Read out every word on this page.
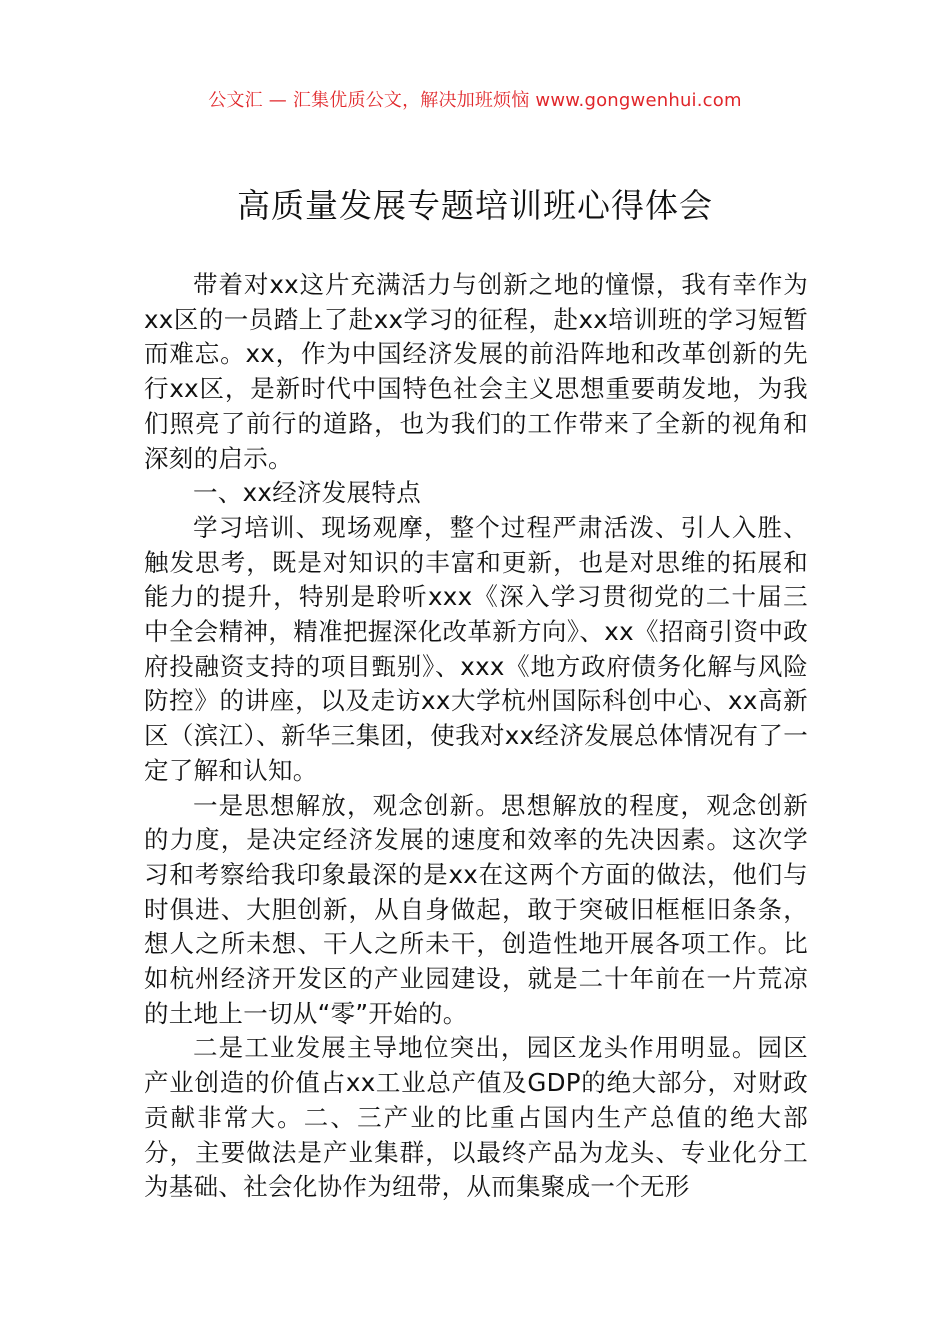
公文汇 — 汇集优质公文，解决加班烦恼 www.gongwenhui.com
高质量发展专题培训班心得体会

带着对xx这片充满活力与创新之地的憧憬，我有幸作为xx区的一员踏上了赴xx学习的征程，赴xx培训班的学习短暂而难忘。xx，作为中国经济发展的前沿阵地和改革创新的先行xx区，是新时代中国特色社会主义思想重要萌发地，为我们照亮了前行的道路，也为我们的工作带来了全新的视角和深刻的启示。

一、xx经济发展特点

学习培训、现场观摩，整个过程严肃活泼、引人入胜、触发思考，既是对知识的丰富和更新，也是对思维的拓展和能力的提升，特别是聆听xxx《深入学习贯彻党的二十届三中全会精神，精准把握深化改革新方向》、xx《招商引资中政府投融资支持的项目甄别》、xxx《地方政府债务化解与风险防控》的讲座，以及走访xx大学杭州国际科创中心、xx高新区（滨江）、新华三集团，使我对xx经济发展总体情况有了一定了解和认知。

一是思想解放，观念创新。思想解放的程度，观念创新的力度，是决定经济发展的速度和效率的先决因素。这次学习和考察给我印象最深的是xx在这两个方面的做法，他们与时俱进、大胆创新，从自身做起，敢于突破旧框框旧条条，想人之所未想、干人之所未干，创造性地开展各项工作。比如杭州经济开发区的产业园建设，就是二十年前在一片荒凉的土地上一切从“零”开始的。

二是工业发展主导地位突出，园区龙头作用明显。园区产业创造的价值占xx工业总产值及GDP的绝大部分，对财政贡献非常大。二、三产业的比重占国内生产总值的绝大部分，主要做法是产业集群，以最终产品为龙头、专业化分工为基础、社会化协作为纽带，从而集聚成一个无形
